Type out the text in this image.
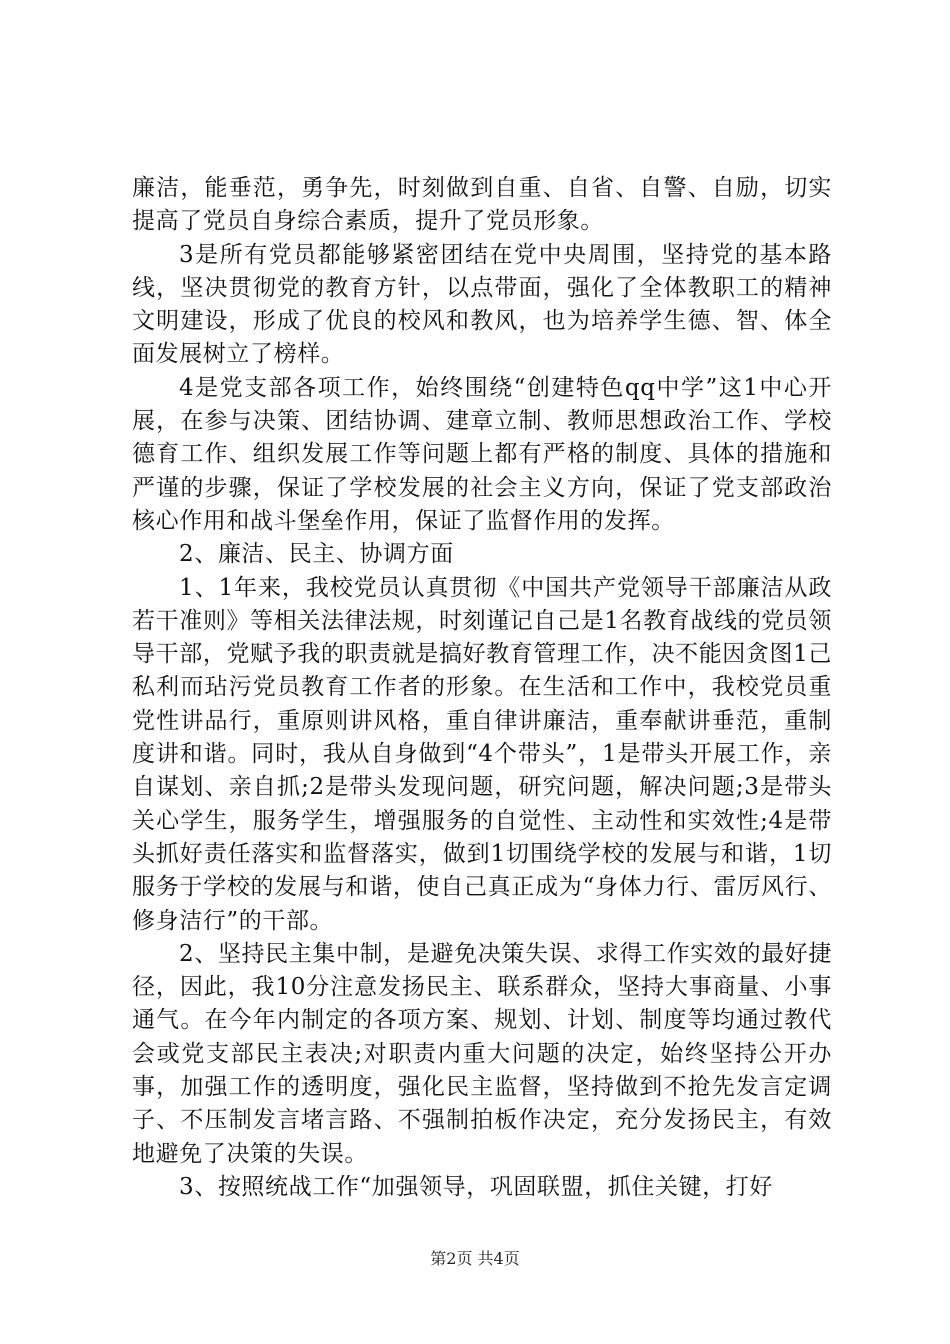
廉洁，能垂范，勇争先，时刻做到自重、自省、自警、自励，切实提高了党员自身综合素质，提升了党员形象。

3是所有党员都能够紧密团结在党中央周围，坚持党的基本路线，坚决贯彻党的教育方针，以点带面，强化了全体教职工的精神文明建设，形成了优良的校风和教风，也为培养学生德、智、体全面发展树立了榜样。

4是党支部各项工作，始终围绕“创建特色qq中学”这1中心开展，在参与决策、团结协调、建章立制、教师思想政治工作、学校德育工作、组织发展工作等问题上都有严格的制度、具体的措施和严谨的步骤，保证了学校发展的社会主义方向，保证了党支部政治核心作用和战斗堡垒作用，保证了监督作用的发挥。

2、廉洁、民主、协调方面

1、1年来，我校党员认真贯彻《中国共产党领导干部廉洁从政若干准则》等相关法律法规，时刻谨记自己是1名教育战线的党员领导干部，党赋予我的职责就是搞好教育管理工作，决不能因贪图1己私利而玷污党员教育工作者的形象。在生活和工作中，我校党员重党性讲品行，重原则讲风格，重自律讲廉洁，重奉献讲垂范，重制度讲和谐。同时，我从自身做到“4个带头”，1是带头开展工作，亲自谋划、亲自抓;2是带头发现问题，研究问题，解决问题;3是带头关心学生，服务学生，增强服务的自觉性、主动性和实效性;4是带头抓好责任落实和监督落实，做到1切围绕学校的发展与和谐，1切服务于学校的发展与和谐，使自己真正成为“身体力行、雷厉风行、修身洁行”的干部。

2、坚持民主集中制，是避免决策失误、求得工作实效的最好捷径，因此，我10分注意发扬民主、联系群众，坚持大事商量、小事通气。在今年内制定的各项方案、规划、计划、制度等均通过教代会或党支部民主表决;对职责内重大问题的决定，始终坚持公开办事，加强工作的透明度，强化民主监督，坚持做到不抢先发言定调子、不压制发言堵言路、不强制拍板作决定，充分发扬民主，有效地避免了决策的失误。

3、按照统战工作“加强领导，巩固联盟，抓住关键，打好

第2页 共4页
